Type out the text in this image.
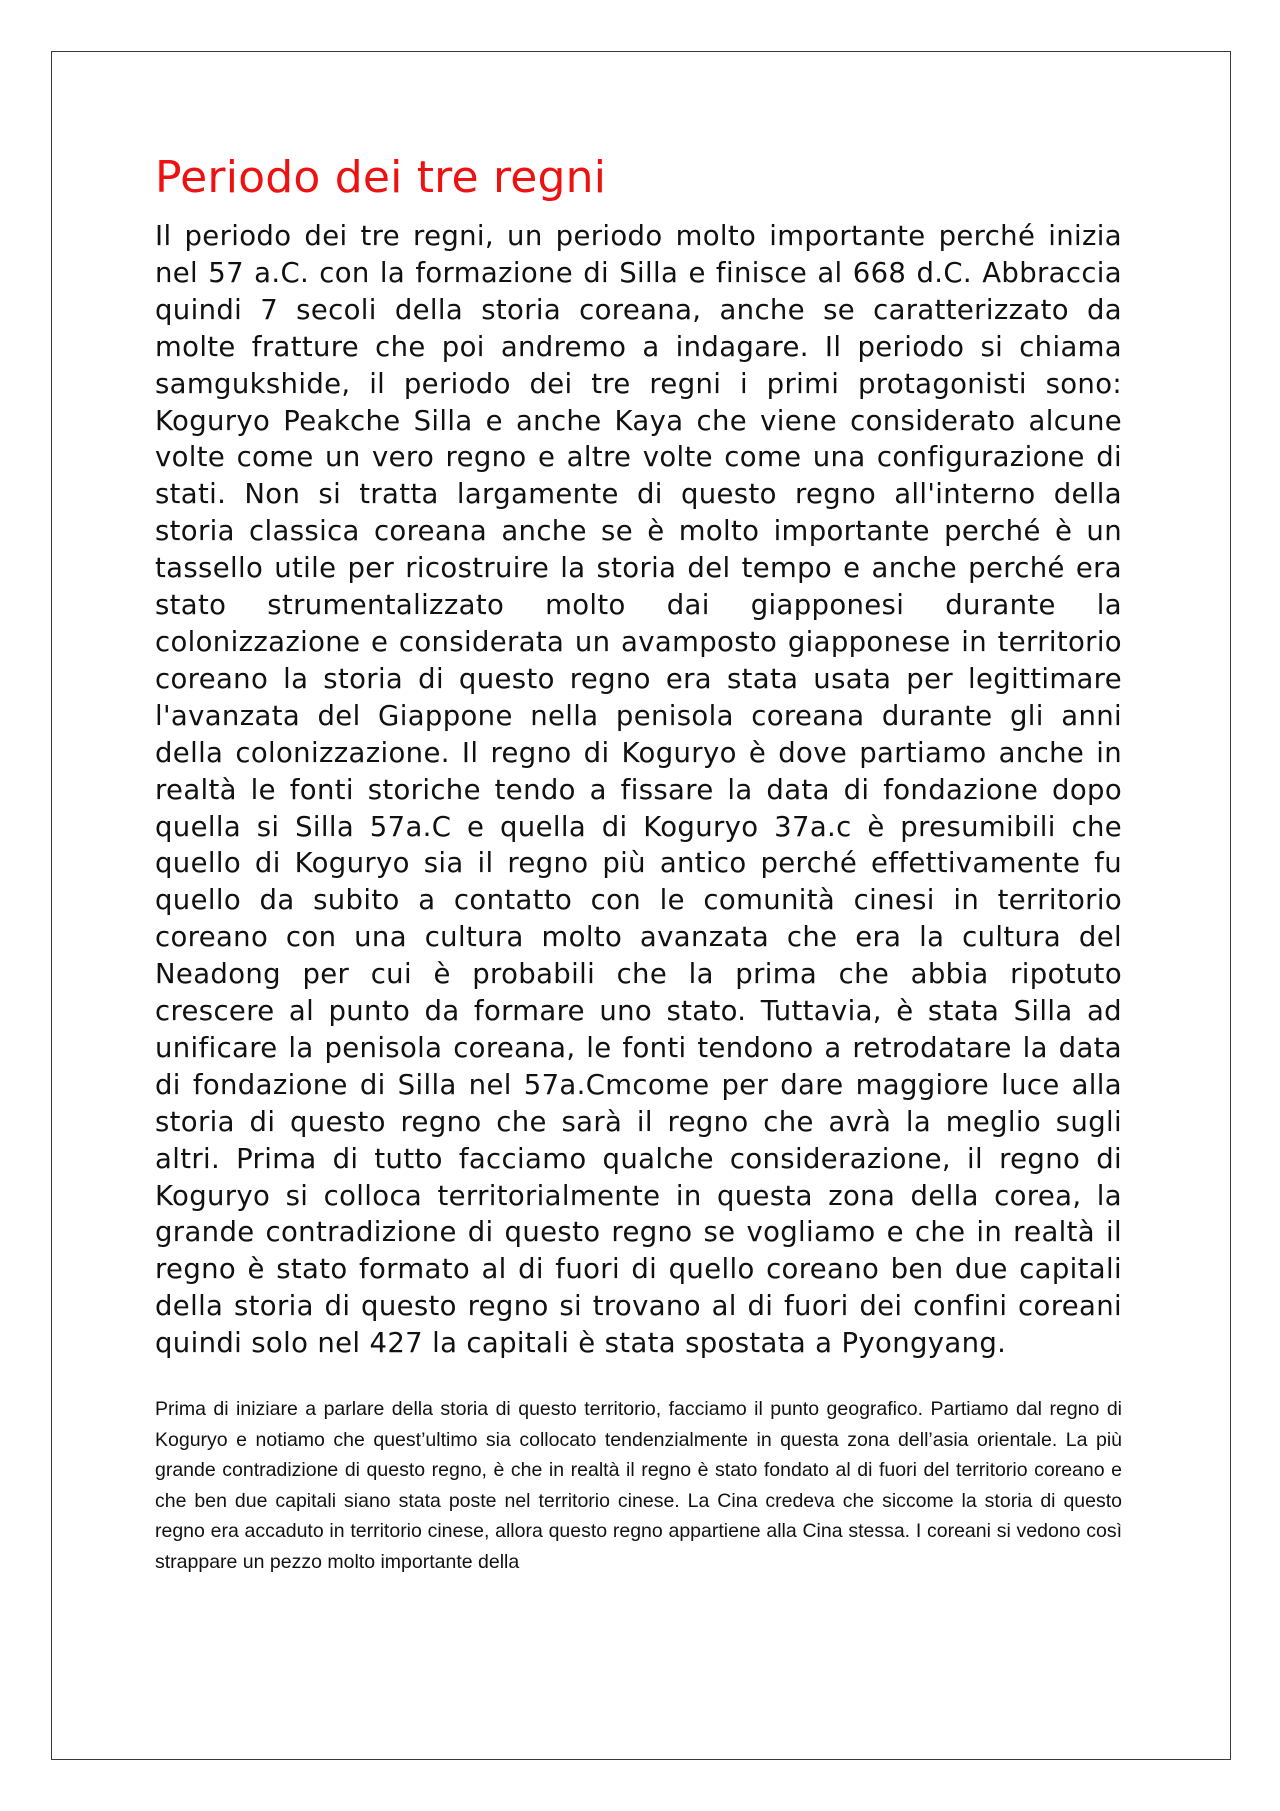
Periodo dei tre regni

Il periodo dei tre regni, un periodo molto importante perché inizia nel 57 a.C. con la formazione di Silla e finisce al 668 d.C. Abbraccia quindi 7 secoli della storia coreana, anche se caratterizzato da molte fratture che poi andremo a indagare. Il periodo si chiama samgukshide, il periodo dei tre regni i primi protagonisti sono: Koguryo Peakche Silla e anche Kaya che viene considerato alcune volte come un vero regno e altre volte come una configurazione di stati. Non si tratta largamente di questo regno all'interno della storia classica coreana anche se è molto importante perché è un tassello utile per ricostruire la storia del tempo e anche perché era stato strumentalizzato molto dai giapponesi durante la colonizzazione e considerata un avamposto giapponese in territorio coreano la storia di questo regno era stata usata per legittimare l'avanzata del Giappone nella penisola coreana durante gli anni della colonizzazione. Il regno di Koguryo è dove partiamo anche in realtà le fonti storiche tendo a fissare la data di fondazione dopo quella si Silla 57a.C e quella di Koguryo 37a.c è presumibili che quello di Koguryo sia il regno più antico perché effettivamente fu quello da subito a contatto con le comunità cinesi in territorio coreano con una cultura molto avanzata che era la cultura del Neadong per cui è probabili che la prima che abbia ripotuto crescere al punto da formare uno stato. Tuttavia, è stata Silla ad unificare la penisola coreana, le fonti tendono a retrodatare la data di fondazione di Silla nel 57a.Cmcome per dare maggiore luce alla storia di questo regno che sarà il regno che avrà la meglio sugli altri. Prima di tutto facciamo qualche considerazione, il regno di Koguryo si colloca territorialmente in questa zona della corea, la grande contradizione di questo regno se vogliamo e che in realtà il regno è stato formato al di fuori di quello coreano ben due capitali della storia di questo regno si trovano al di fuori dei confini coreani quindi solo nel 427 la capitali è stata spostata a Pyongyang.

Prima di iniziare a parlare della storia di questo territorio, facciamo il punto geografico. Partiamo dal regno di Koguryo e notiamo che quest’ultimo sia collocato tendenzialmente in questa zona dell’asia orientale. La più grande contradizione di questo regno, è che in realtà il regno è stato fondato al di fuori del territorio coreano e che ben due capitali siano stata poste nel territorio cinese. La Cina credeva che siccome la storia di questo regno era accaduto in territorio cinese, allora questo regno appartiene alla Cina stessa. I coreani si vedono così strappare un pezzo molto importante della
